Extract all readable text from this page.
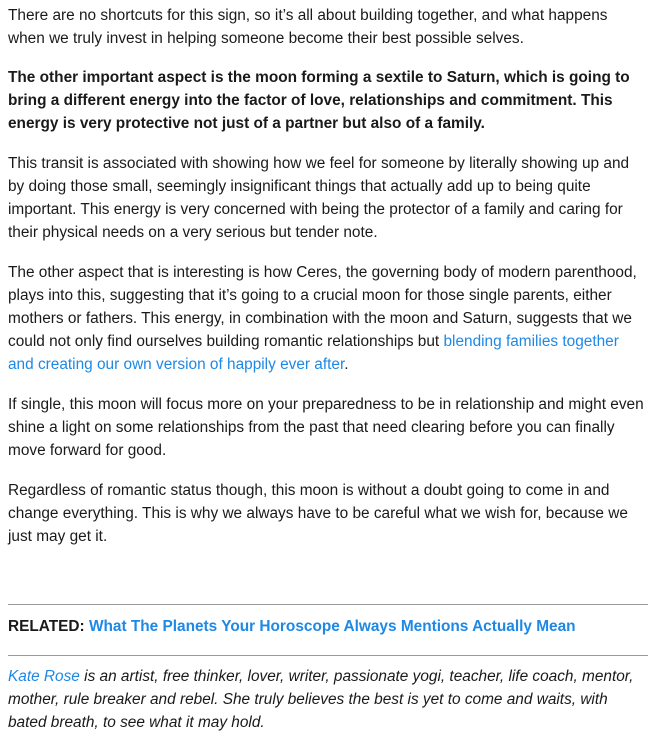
There are no shortcuts for this sign, so it’s all about building together, and what happens when we truly invest in helping someone become their best possible selves.

The other important aspect is the moon forming a sextile to Saturn, which is going to bring a different energy into the factor of love, relationships and commitment. This energy is very protective not just of a partner but also of a family.

This transit is associated with showing how we feel for someone by literally showing up and by doing those small, seemingly insignificant things that actually add up to being quite important. This energy is very concerned with being the protector of a family and caring for their physical needs on a very serious but tender note.

The other aspect that is interesting is how Ceres, the governing body of modern parenthood, plays into this, suggesting that it’s going to a crucial moon for those single parents, either mothers or fathers. This energy, in combination with the moon and Saturn, suggests that we could not only find ourselves building romantic relationships but blending families together and creating our own version of happily ever after.

If single, this moon will focus more on your preparedness to be in relationship and might even shine a light on some relationships from the past that need clearing before you can finally move forward for good.

Regardless of romantic status though, this moon is without a doubt going to come in and change everything. This is why we always have to be careful what we wish for, because we just may get it.

RELATED: What The Planets Your Horoscope Always Mentions Actually Mean

Kate Rose is an artist, free thinker, lover, writer, passionate yogi, teacher, life coach, mentor, mother, rule breaker and rebel. She truly believes the best is yet to come and waits, with bated breath, to see what it may hold.
